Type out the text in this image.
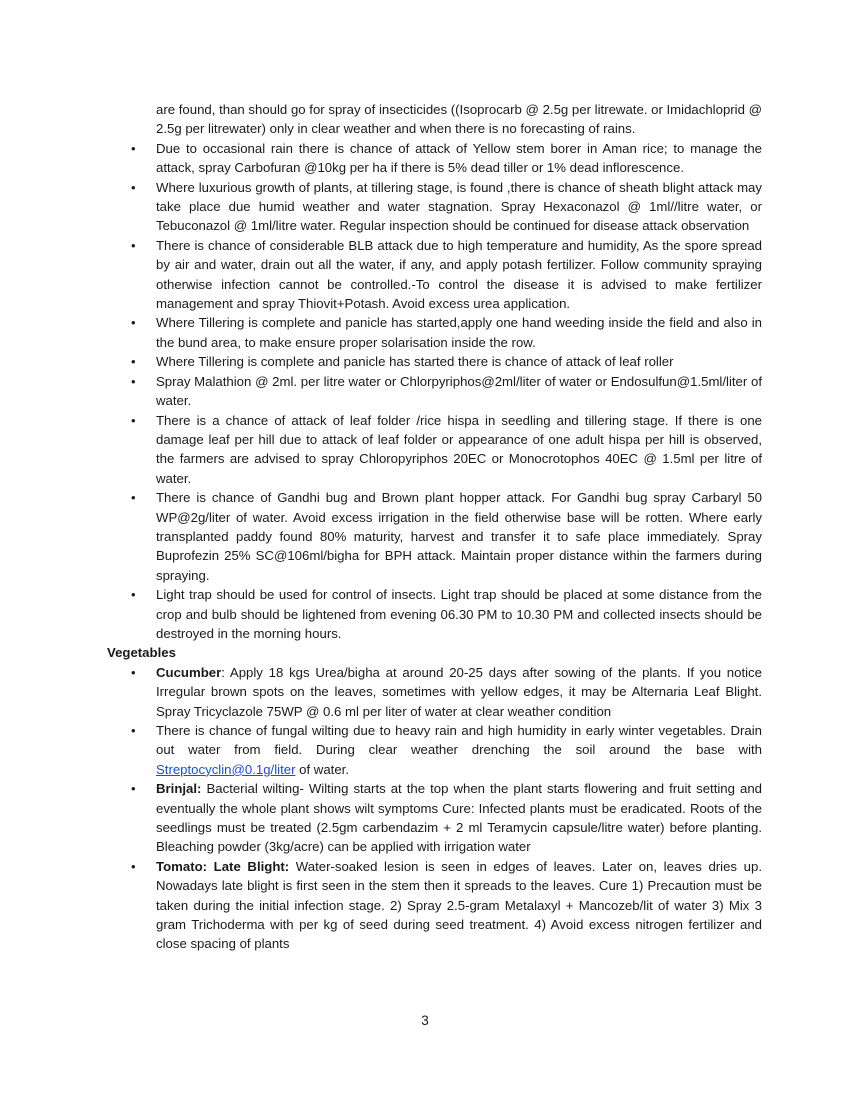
are found, than should go for spray of insecticides ((Isoprocarb @ 2.5g per litrewate. or Imidachloprid @ 2.5g per litrewater) only in clear weather and when there is no forecasting of rains.

• Due to occasional rain there is chance of attack of Yellow stem borer in Aman rice; to manage the attack, spray Carbofuran @10kg per ha if there is 5% dead tiller or 1% dead inflorescence.
• Where luxurious growth of plants, at tillering stage, is found ,there is chance of sheath blight attack may take place due humid weather and water stagnation. Spray Hexaconazol @ 1ml//litre water, or Tebuconazol @ 1ml/litre water. Regular inspection should be continued for disease attack observation
• There is chance of considerable BLB attack due to high temperature and humidity, As the spore spread by air and water, drain out all the water, if any, and apply potash fertilizer. Follow community spraying otherwise infection cannot be controlled.-To control the disease it is advised to make fertilizer management and spray Thiovit+Potash. Avoid excess urea application.
• Where Tillering is complete and panicle has started,apply one hand weeding inside the field and also in the bund area, to make ensure proper solarisation inside the row.
• Where Tillering is complete and panicle has started there is chance of attack of leaf roller
• Spray Malathion @ 2ml. per litre water or Chlorpyriphos@2ml/liter of water or Endosulfun@1.5ml/liter of water.
• There is a chance of attack of leaf folder /rice hispa in seedling and tillering stage. If there is one damage leaf per hill due to attack of leaf folder or appearance of one adult hispa per hill is observed, the farmers are advised to spray Chloropyriphos 20EC or Monocrotophos 40EC @ 1.5ml per litre of water.
• There is chance of Gandhi bug and Brown plant hopper attack. For Gandhi bug spray Carbaryl 50 WP@2g/liter of water. Avoid excess irrigation in the field otherwise base will be rotten. Where early transplanted paddy found 80% maturity, harvest and transfer it to safe place immediately. Spray Buprofezin 25% SC@106ml/bigha for BPH attack. Maintain proper distance within the farmers during spraying.
• Light trap should be used for control of insects. Light trap should be placed at some distance from the crop and bulb should be lightened from evening 06.30 PM to 10.30 PM and collected insects should be destroyed in the morning hours.

Vegetables

• Cucumber: Apply 18 kgs Urea/bigha at around 20-25 days after sowing of the plants. If you notice Irregular brown spots on the leaves, sometimes with yellow edges, it may be Alternaria Leaf Blight. Spray Tricyclazole 75WP @ 0.6 ml per liter of water at clear weather condition
• There is chance of fungal wilting due to heavy rain and high humidity in early winter vegetables. Drain out water from field. During clear weather drenching the soil around the base with Streptocyclin@0.1g/liter of water.
• Brinjal: Bacterial wilting- Wilting starts at the top when the plant starts flowering and fruit setting and eventually the whole plant shows wilt symptoms Cure: Infected plants must be eradicated. Roots of the seedlings must be treated (2.5gm carbendazim + 2 ml Teramycin capsule/litre water) before planting. Bleaching powder (3kg/acre) can be applied with irrigation water
• Tomato: Late Blight: Water-soaked lesion is seen in edges of leaves. Later on, leaves dries up. Nowadays late blight is first seen in the stem then it spreads to the leaves. Cure 1) Precaution must be taken during the initial infection stage. 2) Spray 2.5-gram Metalaxyl + Mancozeb/lit of water 3) Mix 3 gram Trichoderma with per kg of seed during seed treatment. 4) Avoid excess nitrogen fertilizer and close spacing of plants
3
